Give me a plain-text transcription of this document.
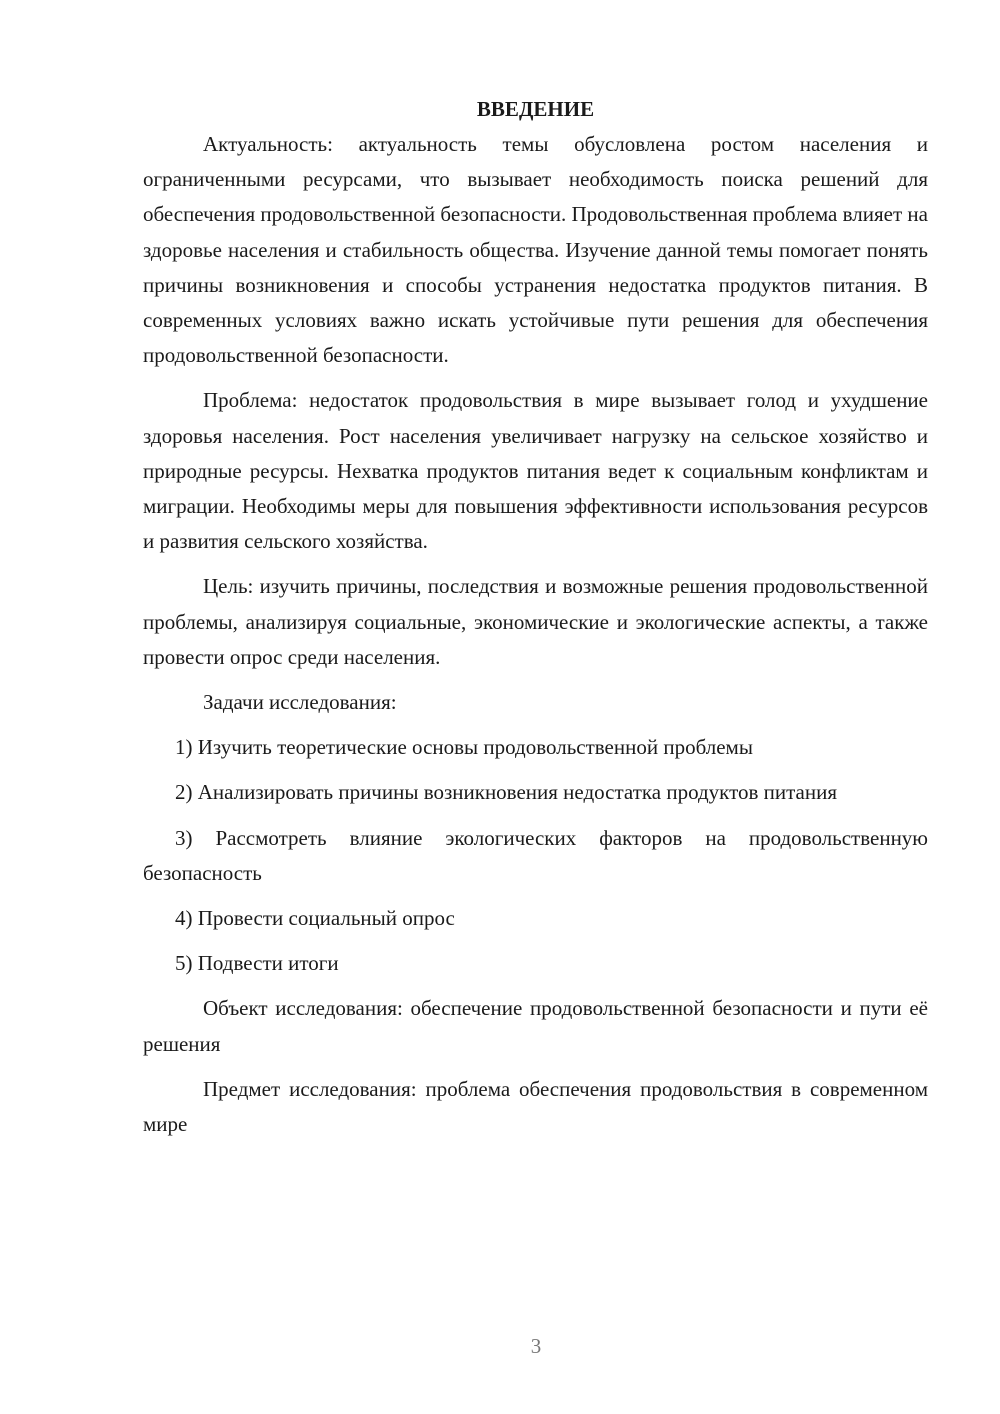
ВВЕДЕНИЕ

Актуальность: актуальность темы обусловлена ростом населения и ограниченными ресурсами, что вызывает необходимость поиска решений для обеспечения продовольственной безопасности. Продовольственная проблема влияет на здоровье населения и стабильность общества. Изучение данной темы помогает понять причины возникновения и способы устранения недостатка продуктов питания. В современных условиях важно искать устойчивые пути решения для обеспечения продовольственной безопасности.

Проблема: недостаток продовольствия в мире вызывает голод и ухудшение здоровья населения. Рост населения увеличивает нагрузку на сельское хозяйство и природные ресурсы. Нехватка продуктов питания ведет к социальным конфликтам и миграции. Необходимы меры для повышения эффективности использования ресурсов и развития сельского хозяйства.

Цель: изучить причины, последствия и возможные решения продовольственной проблемы, анализируя социальные, экономические и экологические аспекты, а также провести опрос среди населения.

Задачи исследования:

1) Изучить теоретические основы продовольственной проблемы

2) Анализировать причины возникновения недостатка продуктов питания

3) Рассмотреть влияние экологических факторов на продовольственную безопасность

4) Провести социальный опрос

5) Подвести итоги

Объект исследования: обеспечение продовольственной безопасности и пути её решения

Предмет исследования: проблема обеспечения продовольствия в современном мире

3
